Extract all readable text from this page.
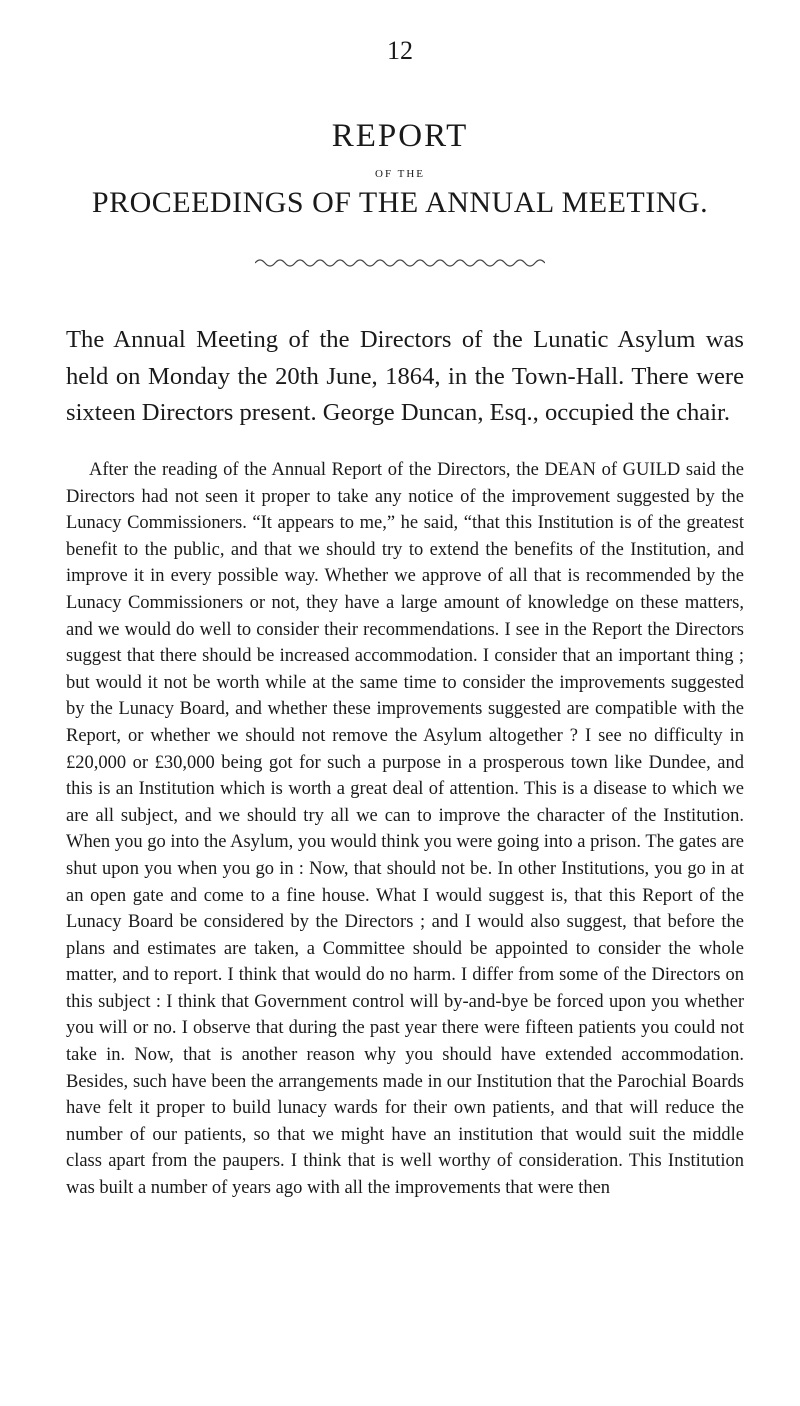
12
REPORT
OF THE
PROCEEDINGS OF THE ANNUAL MEETING.

The Annual Meeting of the Directors of the Lunatic Asylum was held on Monday the 20th June, 1864, in the Town-Hall. There were sixteen Directors present. George Duncan, Esq., occupied the chair.

After the reading of the Annual Report of the Directors, the DEAN of GUILD said the Directors had not seen it proper to take any notice of the improvement suggested by the Lunacy Commissioners. “It appears to me,” he said, “that this Institution is of the greatest benefit to the public, and that we should try to extend the benefits of the Institution, and improve it in every possible way. Whether we approve of all that is recommended by the Lunacy Commissioners or not, they have a large amount of knowledge on these matters, and we would do well to consider their recommendations. I see in the Report the Directors suggest that there should be increased accommodation. I consider that an important thing ; but would it not be worth while at the same time to consider the improvements suggested by the Lunacy Board, and whether these improvements suggested are compatible with the Report, or whether we should not remove the Asylum altogether ? I see no difficulty in £20,000 or £30,000 being got for such a purpose in a prosperous town like Dundee, and this is an Institution which is worth a great deal of attention. This is a disease to which we are all subject, and we should try all we can to improve the character of the Institution. When you go into the Asylum, you would think you were going into a prison. The gates are shut upon you when you go in : Now, that should not be. In other Institutions, you go in at an open gate and come to a fine house. What I would suggest is, that this Report of the Lunacy Board be considered by the Directors ; and I would also suggest, that before the plans and estimates are taken, a Committee should be appointed to consider the whole matter, and to report. I think that would do no harm. I differ from some of the Directors on this subject : I think that Government control will by-and-bye be forced upon you whether you will or no. I observe that during the past year there were fifteen patients you could not take in. Now, that is another reason why you should have extended accommodation. Besides, such have been the arrangements made in our Institution that the Parochial Boards have felt it proper to build lunacy wards for their own patients, and that will reduce the number of our patients, so that we might have an institution that would suit the middle class apart from the paupers. I think that is well worthy of consideration. This Institution was built a number of years ago with all the improvements that were then
